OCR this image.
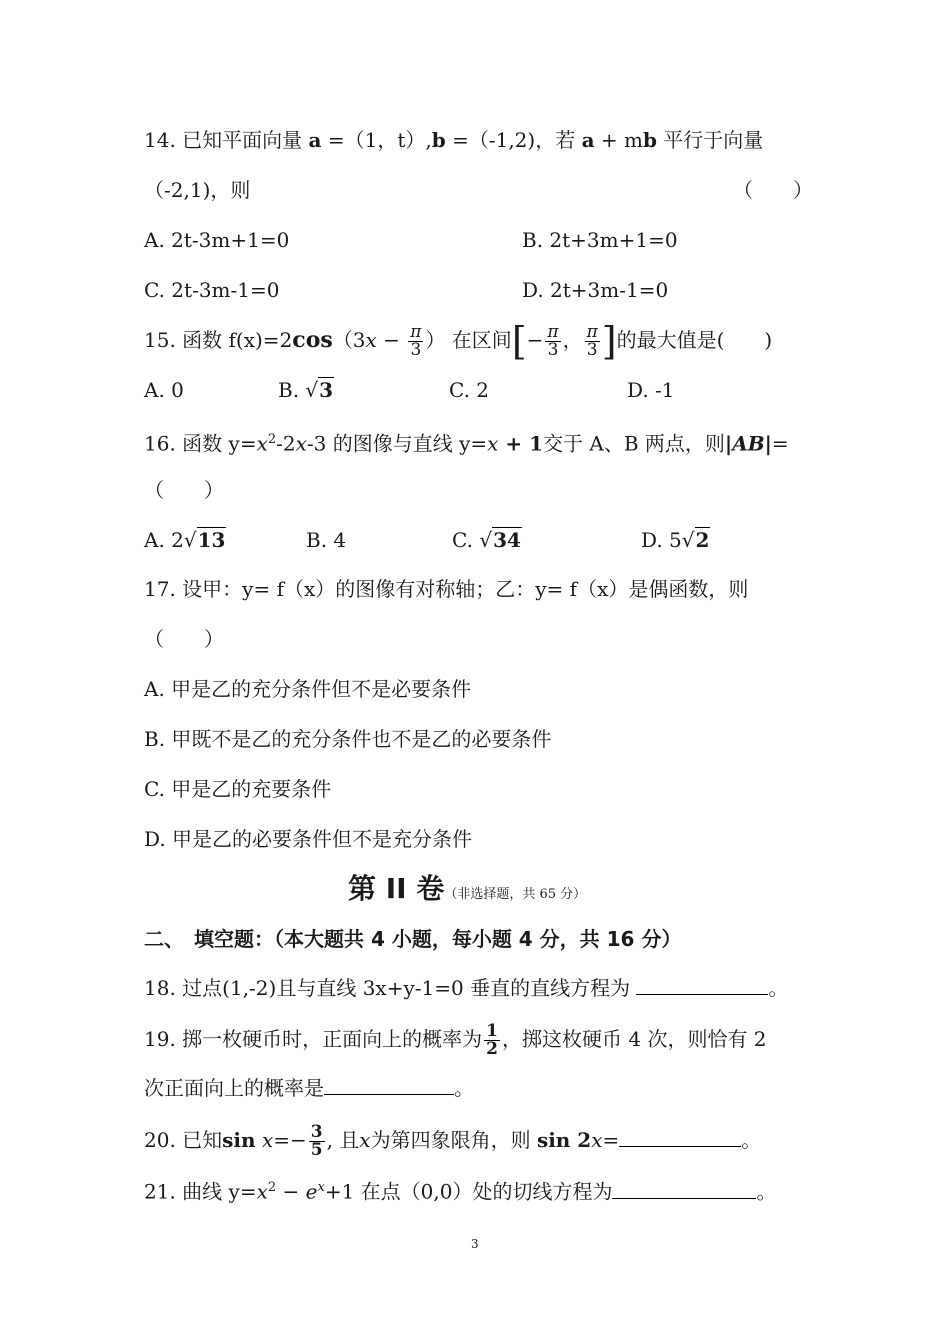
14. 已知平面向量 a =（1，t）,b =（-1,2)，若 a + mb 平行于向量
（-2,1)，则	（　　）
A. 2t-3m+1=0	B. 2t+3m+1=0
C. 2t-3m-1=0	D. 2t+3m-1=0
15. 函数 $f(x)=2\cos(3x - \frac{\pi}{3}$ ） 在区间[− $\frac{\pi}{3}$ ， $\frac{\pi}{3}$ ]的最大值是(　　)
A. 0	B. √3	C. 2	D. -1
16. 函数 $y=x^2-2x-3$ 的图像与直线 y=x + 1交于 A、B 两点，则|AB|=
（　　）
A. 2√13	B. 4	C. √34	D. 5√2
17. 设甲：y= f（x）的图像有对称轴；乙：y= f（x）是偶函数，则
（　　）
A. 甲是乙的充分条件但不是必要条件
B. 甲既不是乙的充分条件也不是乙的必要条件
C. 甲是乙的充要条件
D. 甲是乙的必要条件但不是充分条件
第 II 卷（非选择题，共 65 分）
二、　填空题：（本大题共 4 小题，每小题 4 分，共 16 分）
18. 过点(1,-2)且与直线 3x+y-1=0 垂直的直线方程为	。
19. 掷一枚硬币时，正面向上的概率为 $\frac{1}{2}$ ，掷这枚硬币 4 次，则恰有 2
次正面向上的概率是	。
20. 已知$\sin x=- \frac{3}{5}$ , 且x为第四象限角，则 sin 2x=	。
21. 曲线 $y=x^2 - e^x+1$ 在点（0,0）处的切线方程为	。
3
